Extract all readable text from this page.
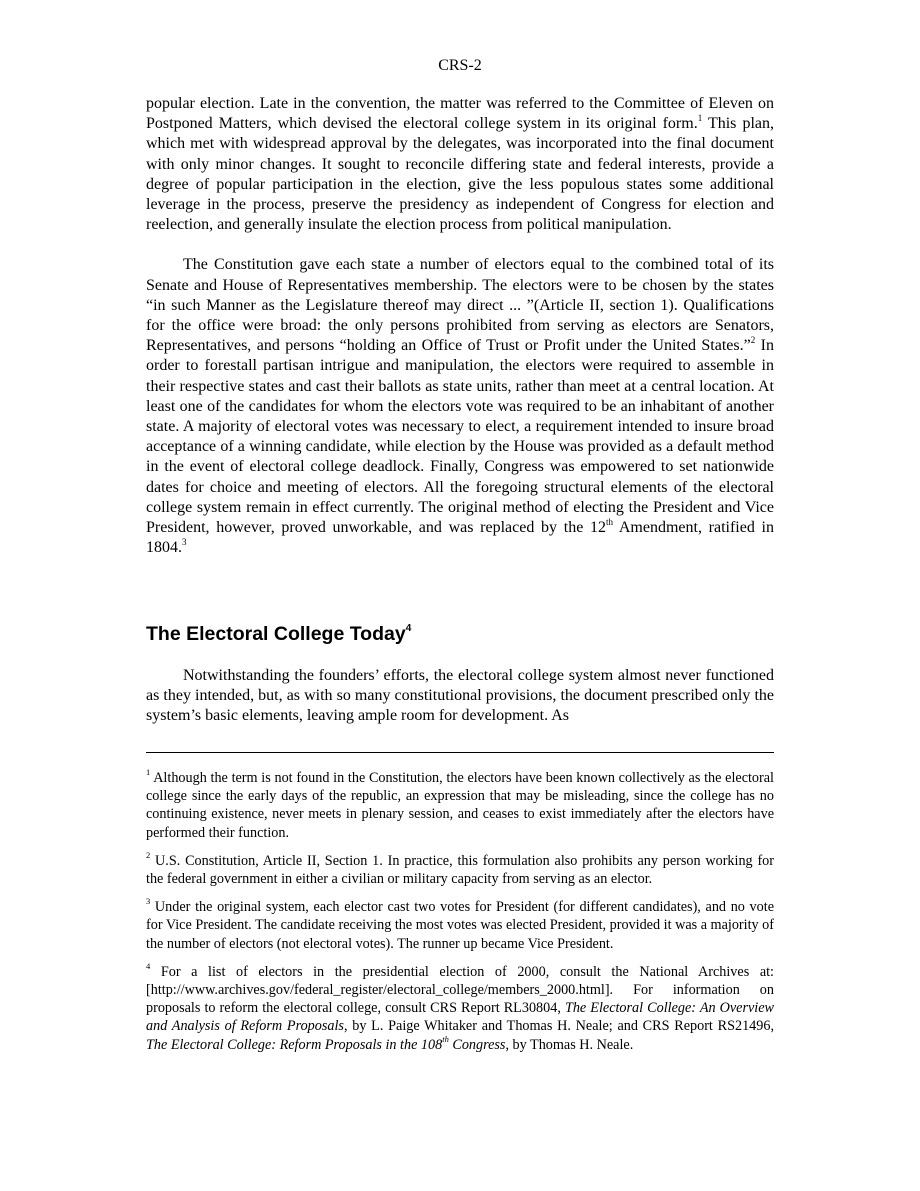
CRS-2

popular election. Late in the convention, the matter was referred to the Committee of Eleven on Postponed Matters, which devised the electoral college system in its original form.$^1$ This plan, which met with widespread approval by the delegates, was incorporated into the final document with only minor changes. It sought to reconcile differing state and federal interests, provide a degree of popular participation in the election, give the less populous states some additional leverage in the process, preserve the presidency as independent of Congress for election and reelection, and generally insulate the election process from political manipulation.

The Constitution gave each state a number of electors equal to the combined total of its Senate and House of Representatives membership. The electors were to be chosen by the states “in such Manner as the Legislature thereof may direct ... ”(Article II, section 1). Qualifications for the office were broad: the only persons prohibited from serving as electors are Senators, Representatives, and persons “holding an Office of Trust or Profit under the United States.”$^2$ In order to forestall partisan intrigue and manipulation, the electors were required to assemble in their respective states and cast their ballots as state units, rather than meet at a central location. At least one of the candidates for whom the electors vote was required to be an inhabitant of another state. A majority of electoral votes was necessary to elect, a requirement intended to insure broad acceptance of a winning candidate, while election by the House was provided as a default method in the event of electoral college deadlock. Finally, Congress was empowered to set nationwide dates for choice and meeting of electors. All the foregoing structural elements of the electoral college system remain in effect currently. The original method of electing the President and Vice President, however, proved unworkable, and was replaced by the 12th Amendment, ratified in 1804.$^3$

The Electoral College Today$^4$

Notwithstanding the founders’ efforts, the electoral college system almost never functioned as they intended, but, as with so many constitutional provisions, the document prescribed only the system’s basic elements, leaving ample room for development. As

$^1$ Although the term is not found in the Constitution, the electors have been known collectively as the electoral college since the early days of the republic, an expression that may be misleading, since the college has no continuing existence, never meets in plenary session, and ceases to exist immediately after the electors have performed their function.

$^2$ U.S. Constitution, Article II, Section 1. In practice, this formulation also prohibits any person working for the federal government in either a civilian or military capacity from serving as an elector.

$^3$ Under the original system, each elector cast two votes for President (for different candidates), and no vote for Vice President. The candidate receiving the most votes was elected President, provided it was a majority of the number of electors (not electoral votes). The runner up became Vice President.

$^4$ For a list of electors in the presidential election of 2000, consult the National Archives at: [http://www.archives.gov/federal_register/electoral_college/members_2000.html]. For information on proposals to reform the electoral college, consult CRS Report RL30804, The Electoral College: An Overview and Analysis of Reform Proposals, by L. Paige Whitaker and Thomas H. Neale; and CRS Report RS21496, The Electoral College: Reform Proposals in the 108th Congress, by Thomas H. Neale.
